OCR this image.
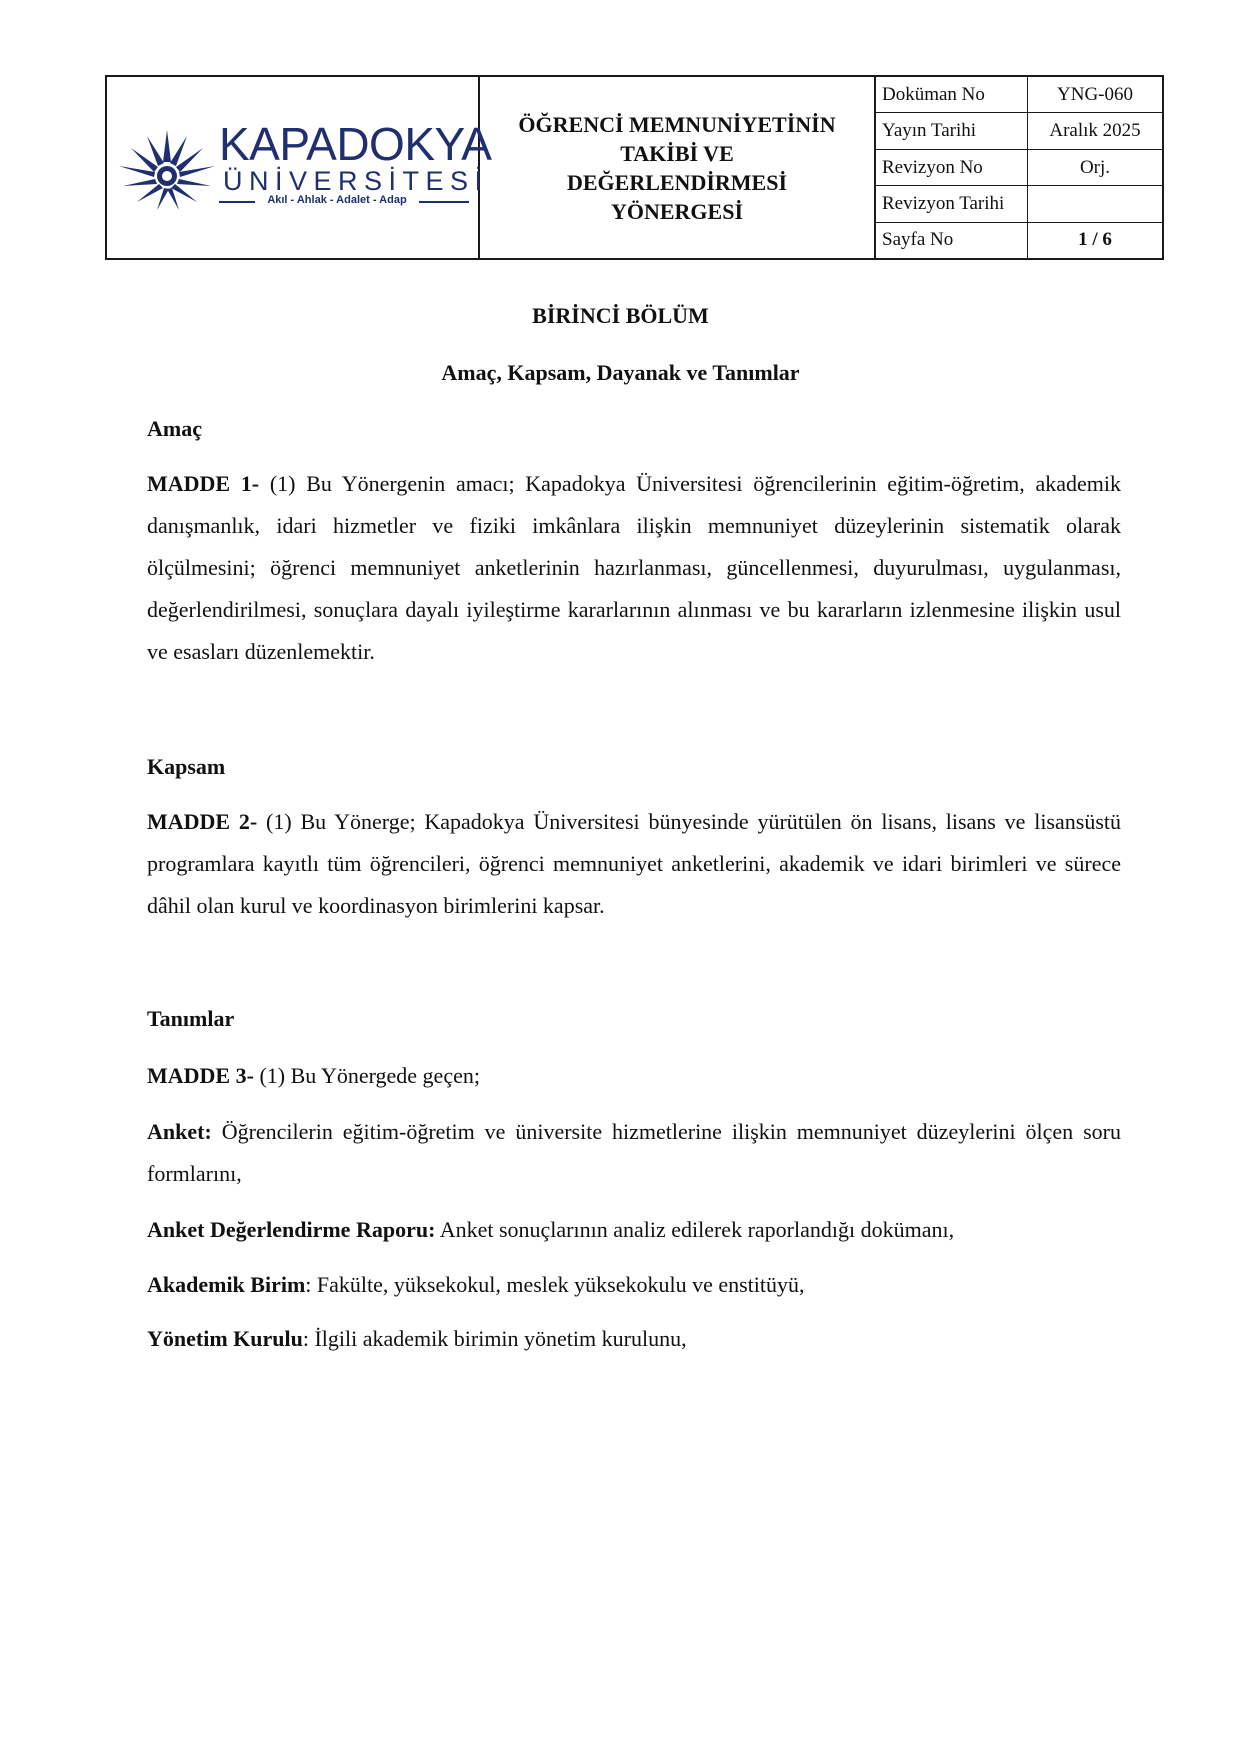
KAPADOKYA
ÜNİVERSİTESİ
Akıl - Ahlak - Adalet - Adap

ÖĞRENCİ MEMNUNİYETİNİN
TAKİBİ VE
DEĞERLENDİRMESİ
YÖNERGESİ

Doküman No	YNG-060
Yayın Tarihi	Aralık 2025
Revizyon No	Orj.
Revizyon Tarihi
Sayfa No	1 / 6

BİRİNCİ BÖLÜM

Amaç, Kapsam, Dayanak ve Tanımlar

Amaç

MADDE 1- (1) Bu Yönergenin amacı; Kapadokya Üniversitesi öğrencilerinin eğitim-öğretim, akademik danışmanlık, idari hizmetler ve fiziki imkânlara ilişkin memnuniyet düzeylerinin sistematik olarak ölçülmesini; öğrenci memnuniyet anketlerinin hazırlanması, güncellenmesi, duyurulması, uygulanması, değerlendirilmesi, sonuçlara dayalı iyileştirme kararlarının alınması ve bu kararların izlenmesine ilişkin usul ve esasları düzenlemektir.

Kapsam

MADDE 2- (1) Bu Yönerge; Kapadokya Üniversitesi bünyesinde yürütülen ön lisans, lisans ve lisansüstü programlara kayıtlı tüm öğrencileri, öğrenci memnuniyet anketlerini, akademik ve idari birimleri ve sürece dâhil olan kurul ve koordinasyon birimlerini kapsar.

Tanımlar

MADDE 3- (1) Bu Yönergede geçen;

Anket: Öğrencilerin eğitim-öğretim ve üniversite hizmetlerine ilişkin memnuniyet düzeylerini ölçen soru formlarını,

Anket Değerlendirme Raporu: Anket sonuçlarının analiz edilerek raporlandığı dokümanı,

Akademik Birim: Fakülte, yüksekokul, meslek yüksekokulu ve enstitüyü,

Yönetim Kurulu: İlgili akademik birimin yönetim kurulunu,
